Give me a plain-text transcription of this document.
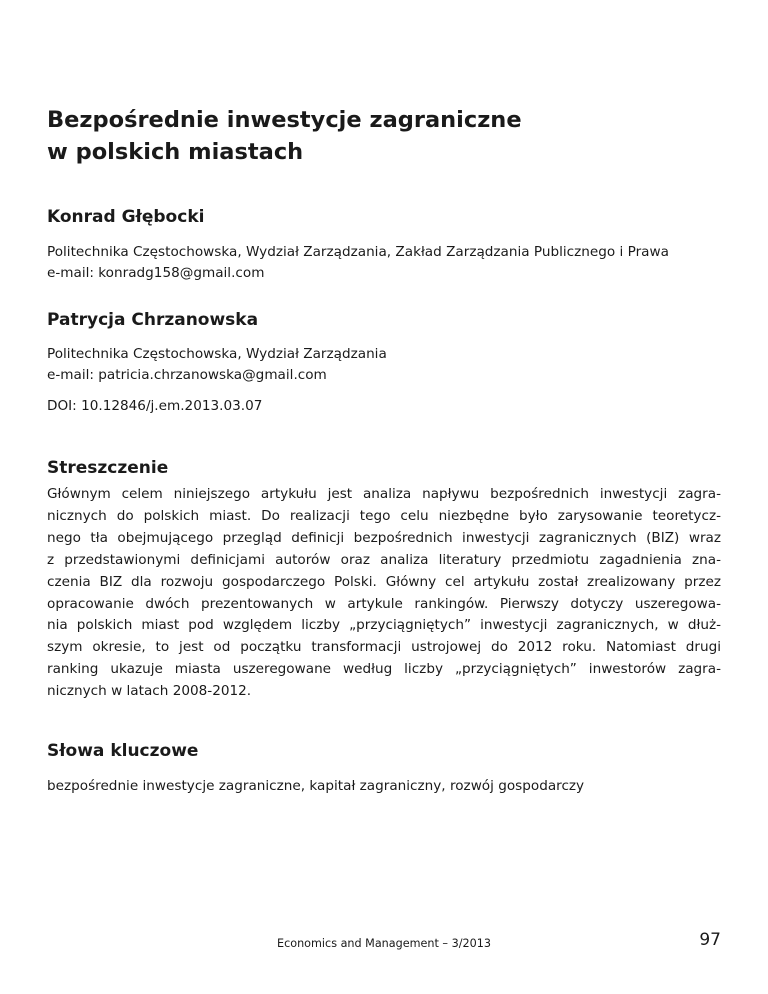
Bezpośrednie inwestycje zagraniczne
w polskich miastach
Konrad Głębocki

Politechnika Częstochowska, Wydział Zarządzania, Zakład Zarządzania Publicznego i Prawa
e-mail: konradg158@gmail.com

Patrycja Chrzanowska

Politechnika Częstochowska, Wydział Zarządzania
e-mail: patricia.chrzanowska@gmail.com

DOI: 10.12846/j.em.2013.03.07

Streszczenie

Głównym celem niniejszego artykułu jest analiza napływu bezpośrednich inwestycji zagra-
nicznych do polskich miast. Do realizacji tego celu niezbędne było zarysowanie teoretycz-
nego tła obejmującego przegląd definicji bezpośrednich inwestycji zagranicznych (BIZ) wraz
z przedstawionymi definicjami autorów oraz analiza literatury przedmiotu zagadnienia zna-
czenia BIZ dla rozwoju gospodarczego Polski. Główny cel artykułu został zrealizowany przez
opracowanie dwóch prezentowanych w artykule rankingów. Pierwszy dotyczy uszeregowa-
nia polskich miast pod względem liczby „przyciągniętych” inwestycji zagranicznych, w dłuż-
szym okresie, to jest od początku transformacji ustrojowej do 2012 roku. Natomiast drugi
ranking ukazuje miasta uszeregowane według liczby „przyciągniętych” inwestorów zagra-
nicznych w latach 2008-2012.

Słowa kluczowe

bezpośrednie inwestycje zagraniczne, kapitał zagraniczny, rozwój gospodarczy

Economics and Management – 3/2013	97
